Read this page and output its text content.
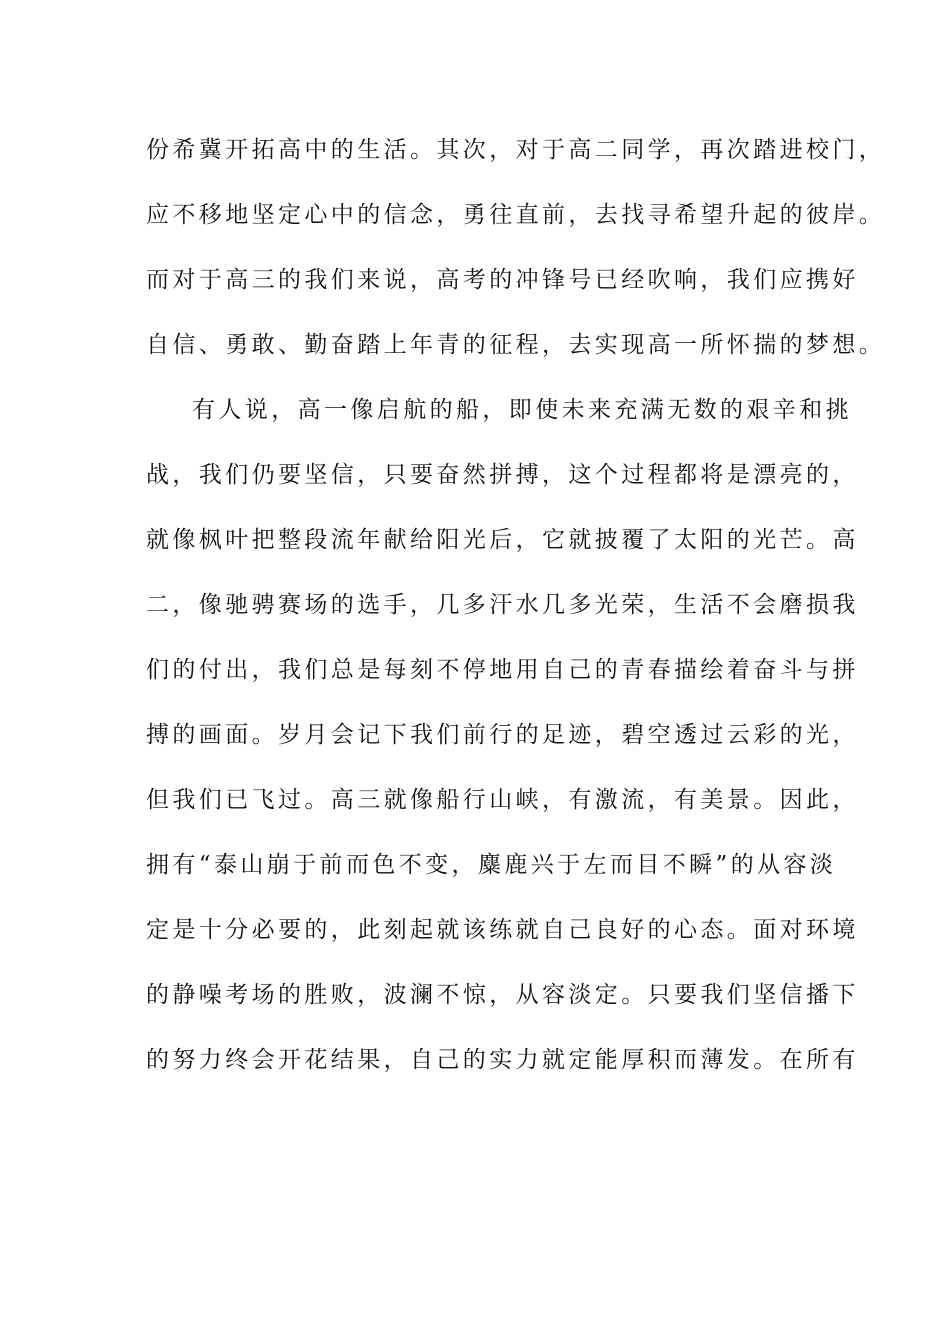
份希冀开拓高中的生活。其次，对于高二同学，再次踏进校门，
应不移地坚定心中的信念，勇往直前，去找寻希望升起的彼岸。
而对于高三的我们来说，高考的冲锋号已经吹响，我们应携好
自信、勇敢、勤奋踏上年青的征程，去实现高一所怀揣的梦想。
有人说，高一像启航的船，即使未来充满无数的艰辛和挑
战，我们仍要坚信，只要奋然拼搏，这个过程都将是漂亮的，
就像枫叶把整段流年献给阳光后，它就披覆了太阳的光芒。高
二，像驰骋赛场的选手，几多汗水几多光荣，生活不会磨损我
们的付出，我们总是每刻不停地用自己的青春描绘着奋斗与拼
搏的画面。岁月会记下我们前行的足迹，碧空透过云彩的光，
但我们已飞过。高三就像船行山峡，有激流，有美景。因此，
拥有“泰山崩于前而色不变，麋鹿兴于左而目不瞬”的从容淡
定是十分必要的，此刻起就该练就自己良好的心态。面对环境
的静噪考场的胜败，波澜不惊，从容淡定。只要我们坚信播下
的努力终会开花结果，自己的实力就定能厚积而薄发。在所有
